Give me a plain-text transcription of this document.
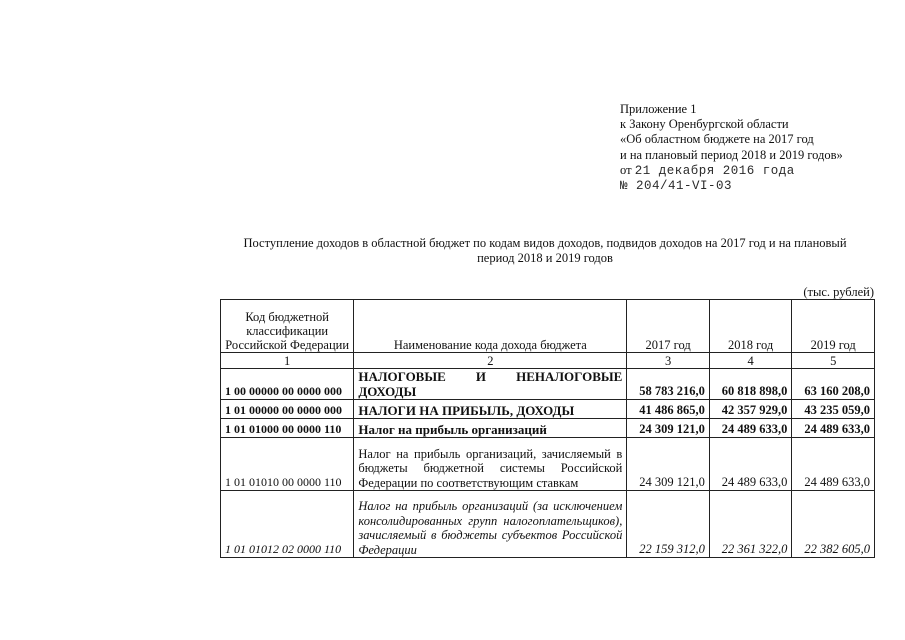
Приложение 1
к Закону Оренбургской области
«Об областном бюджете на 2017 год
и на плановый период 2018 и 2019 годов»
от 21 декабря 2016 года
№ 204/41-VI-03
Поступление доходов в областной бюджет по кодам видов доходов, подвидов доходов на 2017 год и на плановый период 2018 и 2019 годов
(тыс. рублей)
Код бюджетной классификации Российской Федерации	Наименование кода дохода бюджета	2017 год	2018 год	2019 год
1	2	3	4	5
1 00 00000 00 0000 000	НАЛОГОВЫЕ И НЕНАЛОГОВЫЕ ДОХОДЫ	58 783 216,0	60 818 898,0	63 160 208,0
1 01 00000 00 0000 000	НАЛОГИ НА ПРИБЫЛЬ, ДОХОДЫ	41 486 865,0	42 357 929,0	43 235 059,0
1 01 01000 00 0000 110	Налог на прибыль организаций	24 309 121,0	24 489 633,0	24 489 633,0
1 01 01010 00 0000 110	Налог на прибыль организаций, зачисляемый в бюджеты бюджетной системы Российской Федерации по соответствующим ставкам	24 309 121,0	24 489 633,0	24 489 633,0
1 01 01012 02 0000 110	Налог на прибыль организаций (за исключением консолидированных групп налогоплательщиков), зачисляемый в бюджеты субъектов Российской Федерации	22 159 312,0	22 361 322,0	22 382 605,0
